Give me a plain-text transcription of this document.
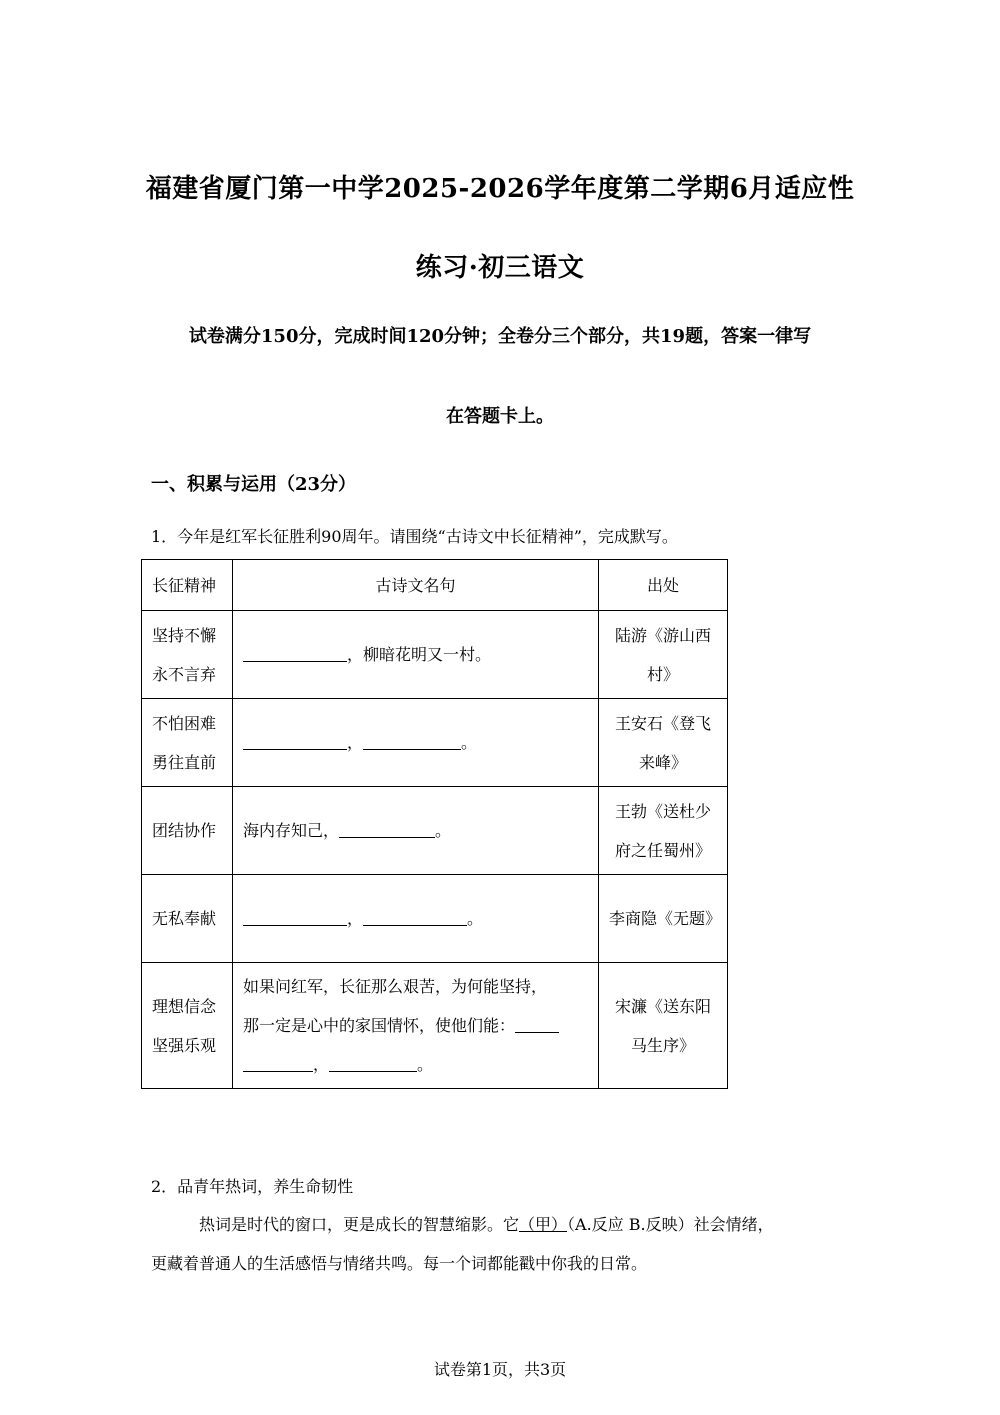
福建省厦门第一中学2025-2026学年度第二学期6月适应性
练习·初三语文
试卷满分150分，完成时间120分钟；全卷分三个部分，共19题，答案一律写
在答题卡上。
一、积累与运用（23分）
1．今年是红军长征胜利90周年。请围绕“古诗文中长征精神”，完成默写。
长征精神	古诗文名句	出处
坚持不懈永不言弃	，柳暗花明又一村。	陆游《游山西村》
不怕困难勇往直前	， 。	王安石《登飞来峰》
团结协作	海内存知己， 。	王勃《送杜少府之任蜀州》
无私奉献	， 。	李商隐《无题》
理想信念坚强乐观	如果问红军，长征那么艰苦，为何能坚持，
那一定是心中的家国情怀，使他们能：
， 。	宋濂《送东阳马生序》
2．品青年热词，养生命韧性
热词是时代的窗口，更是成长的智慧缩影。它（甲）（A.反应 B.反映）社会情绪，
更藏着普通人的生活感悟与情绪共鸣。每一个词都能戳中你我的日常。
试卷第1页，共3页
